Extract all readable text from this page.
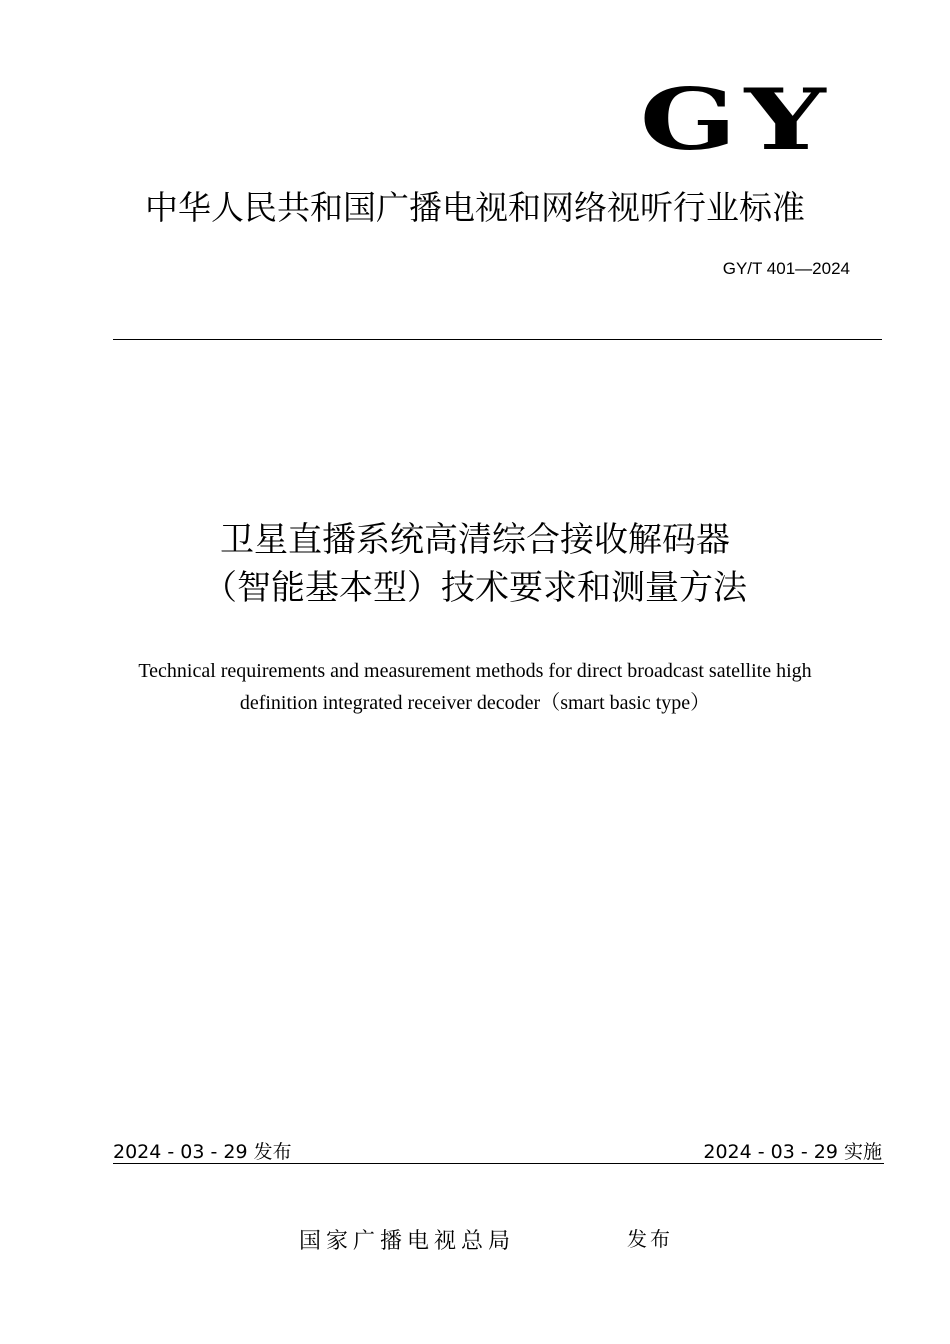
GY
中华人民共和国广播电视和网络视听行业标准
GY/T 401—2024
卫星直播系统高清综合接收解码器
（智能基本型）技术要求和测量方法
Technical requirements and measurement methods for direct broadcast satellite high
definition integrated receiver decoder（smart basic type）
2024 - 03 - 29 发布	2024 - 03 - 29 实施
国家广播电视总局	发布
